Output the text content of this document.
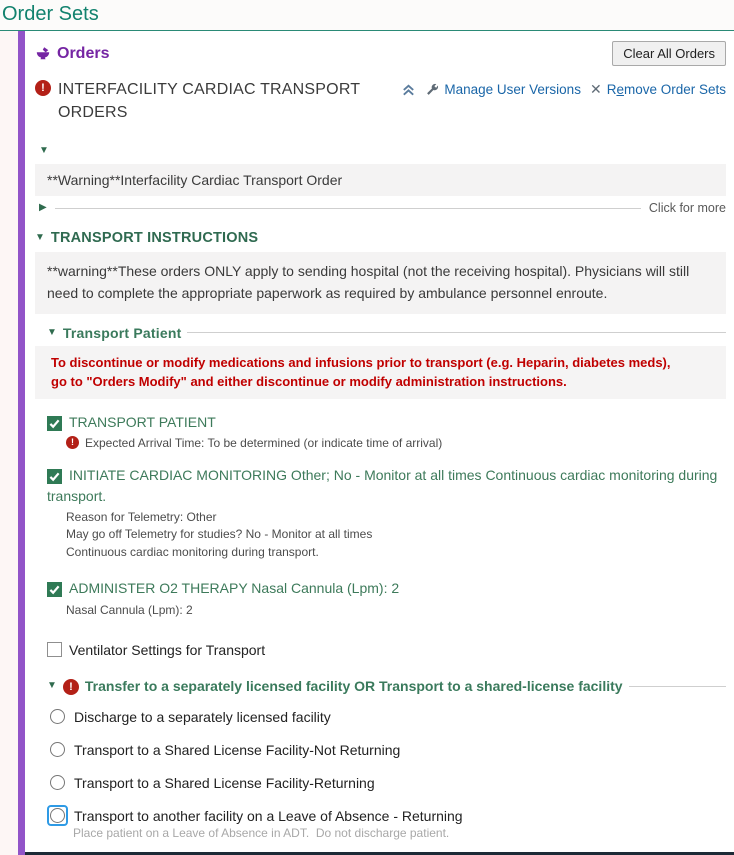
Order Sets
Orders	Clear All Orders
! INTERFACILITY CARDIAC TRANSPORT ORDERS
Manage User Versions ✕ Remove Order Sets
▼
**Warning**Interfacility Cardiac Transport Order
▶	Click for more
▼ TRANSPORT INSTRUCTIONS
**warning**These orders ONLY apply to sending hospital (not the receiving hospital). Physicians will still need to complete the appropriate paperwork as required by ambulance personnel enroute.
▼ Transport Patient
To discontinue or modify medications and infusions prior to transport (e.g. Heparin, diabetes meds),
go to "Orders Modify" and either discontinue or modify administration instructions.
TRANSPORT PATIENT
! Expected Arrival Time: To be determined (or indicate time of arrival)
INITIATE CARDIAC MONITORING Other; No - Monitor at all times Continuous cardiac monitoring during transport.
Reason for Telemetry: Other
May go off Telemetry for studies? No - Monitor at all times
Continuous cardiac monitoring during transport.
ADMINISTER O2 THERAPY Nasal Cannula (Lpm): 2
Nasal Cannula (Lpm): 2
Ventilator Settings for Transport
▼	! Transfer to a separately licensed facility OR Transport to a shared-license facility
Discharge to a separately licensed facility
Transport to a Shared License Facility-Not Returning
Transport to a Shared License Facility-Returning
Transport to another facility on a Leave of Absence - Returning
Place patient on a Leave of Absence in ADT.  Do not discharge patient.
